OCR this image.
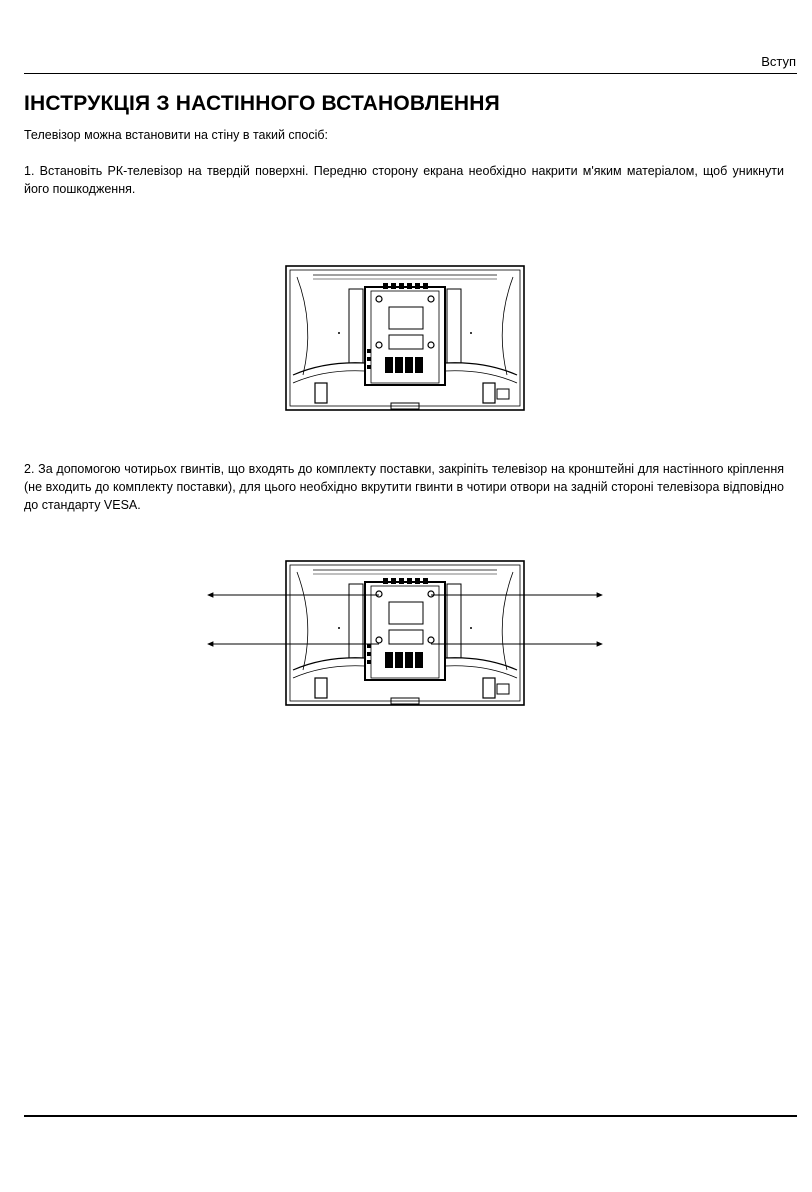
Вступ
ІНСТРУКЦІЯ З НАСТІННОГО ВСТАНОВЛЕННЯ

Телевізор можна встановити на стіну в такий спосіб:

1. Встановіть РК-телевізор на твердій поверхні. Передню сторону екрана необхідно накрити м'яким матеріалом, щоб уникнути його пошкодження.

2. За допомогою чотирьох гвинтів, що входять до комплекту поставки, закріпіть телевізор на кронштейні для настінного кріплення (не входить до комплекту поставки), для цього необхідно вкрутити гвинти в чотири отвори на задній стороні телевізора відповідно до стандарту VESA.
